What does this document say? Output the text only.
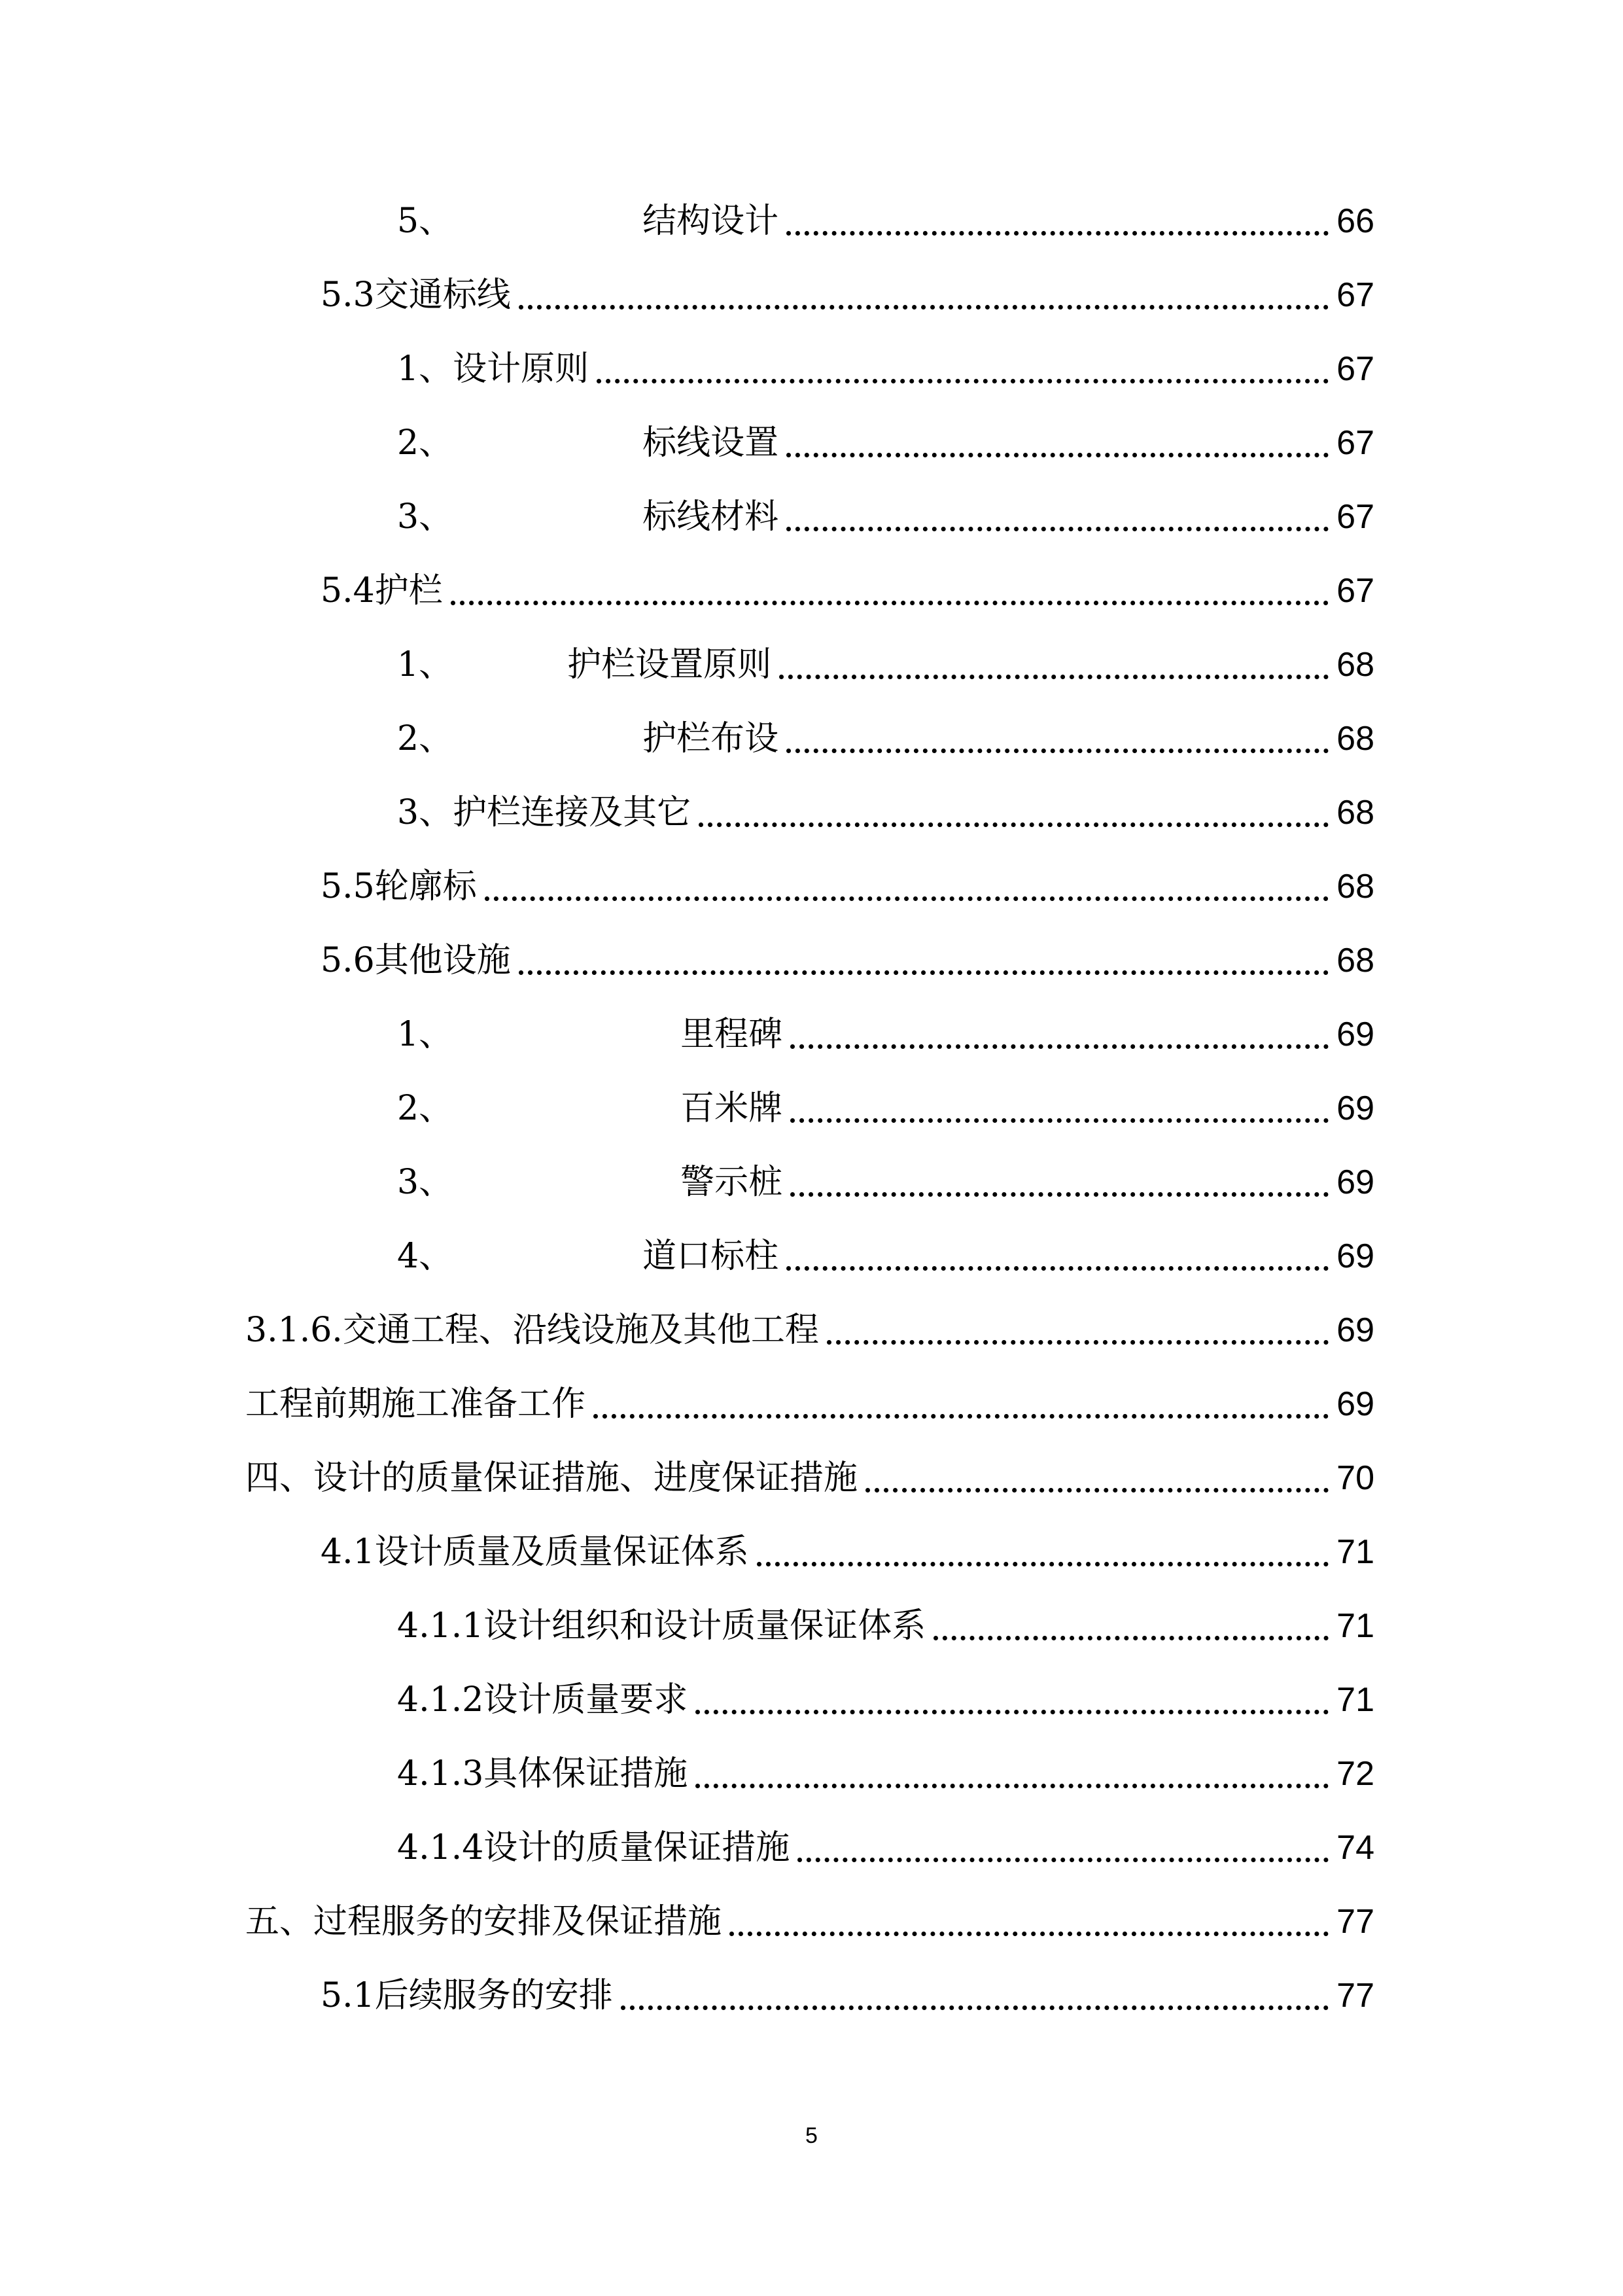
5、	结构设计	66
5.3交通标线	67
1、设计原则	67
2、	标线设置	67
3、	标线材料	67
5.4护栏	67
1、	护栏设置原则	68
2、	护栏布设	68
3、护栏连接及其它	68
5.5轮廓标	68
5.6其他设施	68
1、	里程碑	69
2、	百米牌	69
3、	警示桩	69
4、	道口标柱	69
3.1.6.交通工程、沿线设施及其他工程	69
工程前期施工准备工作	69
四、设计的质量保证措施、进度保证措施	70
4.1设计质量及质量保证体系	71
4.1.1设计组织和设计质量保证体系	71
4.1.2设计质量要求	71
4.1.3具体保证措施	72
4.1.4设计的质量保证措施	74
五、过程服务的安排及保证措施	77
5.1后续服务的安排	77
5
